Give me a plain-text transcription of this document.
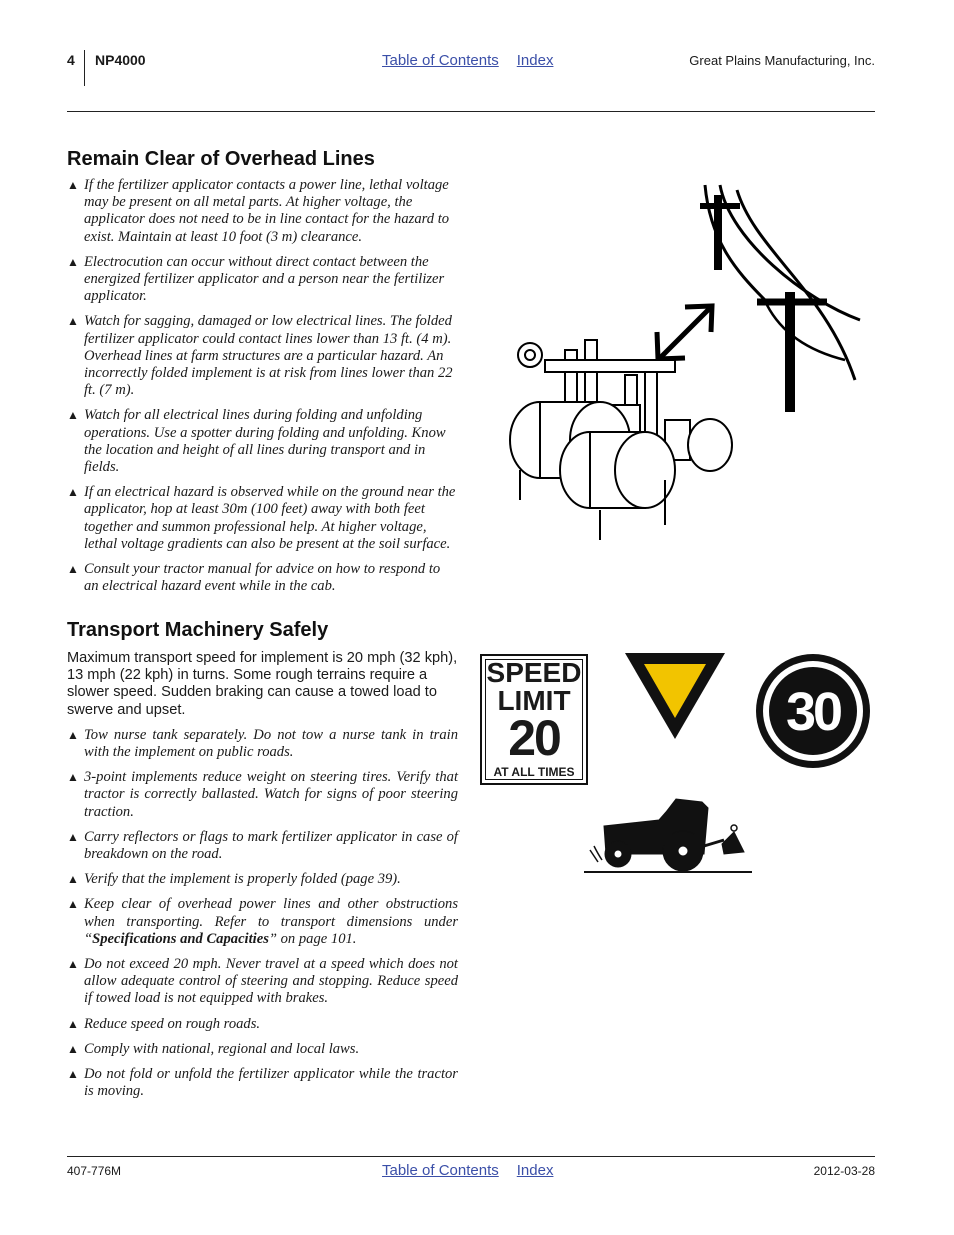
4 NP4000	Table of Contents Index	Great Plains Manufacturing, Inc.
Remain Clear of Overhead Lines
▲ If the fertilizer applicator contacts a power line, lethal voltage may be present on all metal parts. At higher voltage, the applicator does not need to be in line contact for the hazard to exist. Maintain at least 10 foot (3 m) clearance.
▲ Electrocution can occur without direct contact between the energized fertilizer applicator and a person near the fertilizer applicator.
▲ Watch for sagging, damaged or low electrical lines. The folded fertilizer applicator could contact lines lower than 13 ft. (4 m). Overhead lines at farm structures are a particular hazard. An incorrectly folded implement is at risk from lines lower than 22 ft. (7 m).
▲ Watch for all electrical lines during folding and unfolding operations. Use a spotter during folding and unfolding. Know the location and height of all lines during transport and in fields.
▲ If an electrical hazard is observed while on the ground near the applicator, hop at least 30m (100 feet) away with both feet together and summon professional help. At higher voltage, lethal voltage gradients can also be present at the soil surface.
▲ Consult your tractor manual for advice on how to respond to an electrical hazard event while in the cab.
Transport Machinery Safely

Maximum transport speed for implement is 20 mph (32 kph), 13 mph (22 kph) in turns. Some rough terrains require a slower speed. Sudden braking can cause a towed load to swerve and upset.

▲ Tow nurse tank separately. Do not tow a nurse tank in train with the implement on public roads.
▲ 3-point implements reduce weight on steering tires. Verify that tractor is correctly ballasted. Watch for signs of poor steering traction.
▲ Carry reflectors or flags to mark fertilizer applicator in case of breakdown on the road.
▲ Verify that the implement is properly folded (page 39).
▲ Keep clear of overhead power lines and other obstructions when transporting. Refer to transport dimensions under “Specifications and Capacities” on page 101.
▲ Do not exceed 20 mph. Never travel at a speed which does not allow adequate control of steering and stopping. Reduce speed if towed load is not equipped with brakes.
▲ Reduce speed on rough roads.
▲ Comply with national, regional and local laws.
▲ Do not fold or unfold the fertilizer applicator while the tractor is moving.
SPEED
LIMIT
20
AT ALL TIMES
30
407-776M	Table of Contents Index	2012-03-28
